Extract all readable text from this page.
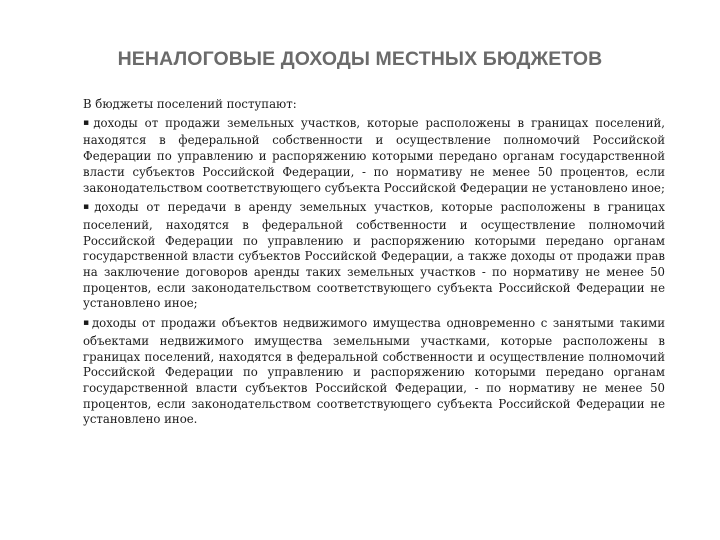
НЕНАЛОГОВЫЕ ДОХОДЫ МЕСТНЫХ БЮДЖЕТОВ

В бюджеты поселений поступают:

▪доходы от продажи земельных участков, которые расположены в границах поселений, находятся в федеральной собственности и осуществление полномочий Российской Федерации по управлению и распоряжению которыми передано органам государственной власти субъектов Российской Федерации, - по нормативу не менее 50 процентов, если законодательством соответствующего субъекта Российской Федерации не установлено иное;

▪доходы от передачи в аренду земельных участков, которые расположены в границах поселений, находятся в федеральной собственности и осуществление полномочий Российской Федерации по управлению и распоряжению которыми передано органам государственной власти субъектов Российской Федерации, а также доходы от продажи прав на заключение договоров аренды таких земельных участков - по нормативу не менее 50 процентов, если законодательством соответствующего субъекта Российской Федерации не установлено иное;

▪доходы от продажи объектов недвижимого имущества одновременно с занятыми такими объектами недвижимого имущества земельными участками, которые расположены в границах поселений, находятся в федеральной собственности и осуществление полномочий Российской Федерации по управлению и распоряжению которыми передано органам государственной власти субъектов Российской Федерации, - по нормативу не менее 50 процентов, если законодательством соответствующего субъекта Российской Федерации не установлено иное.
